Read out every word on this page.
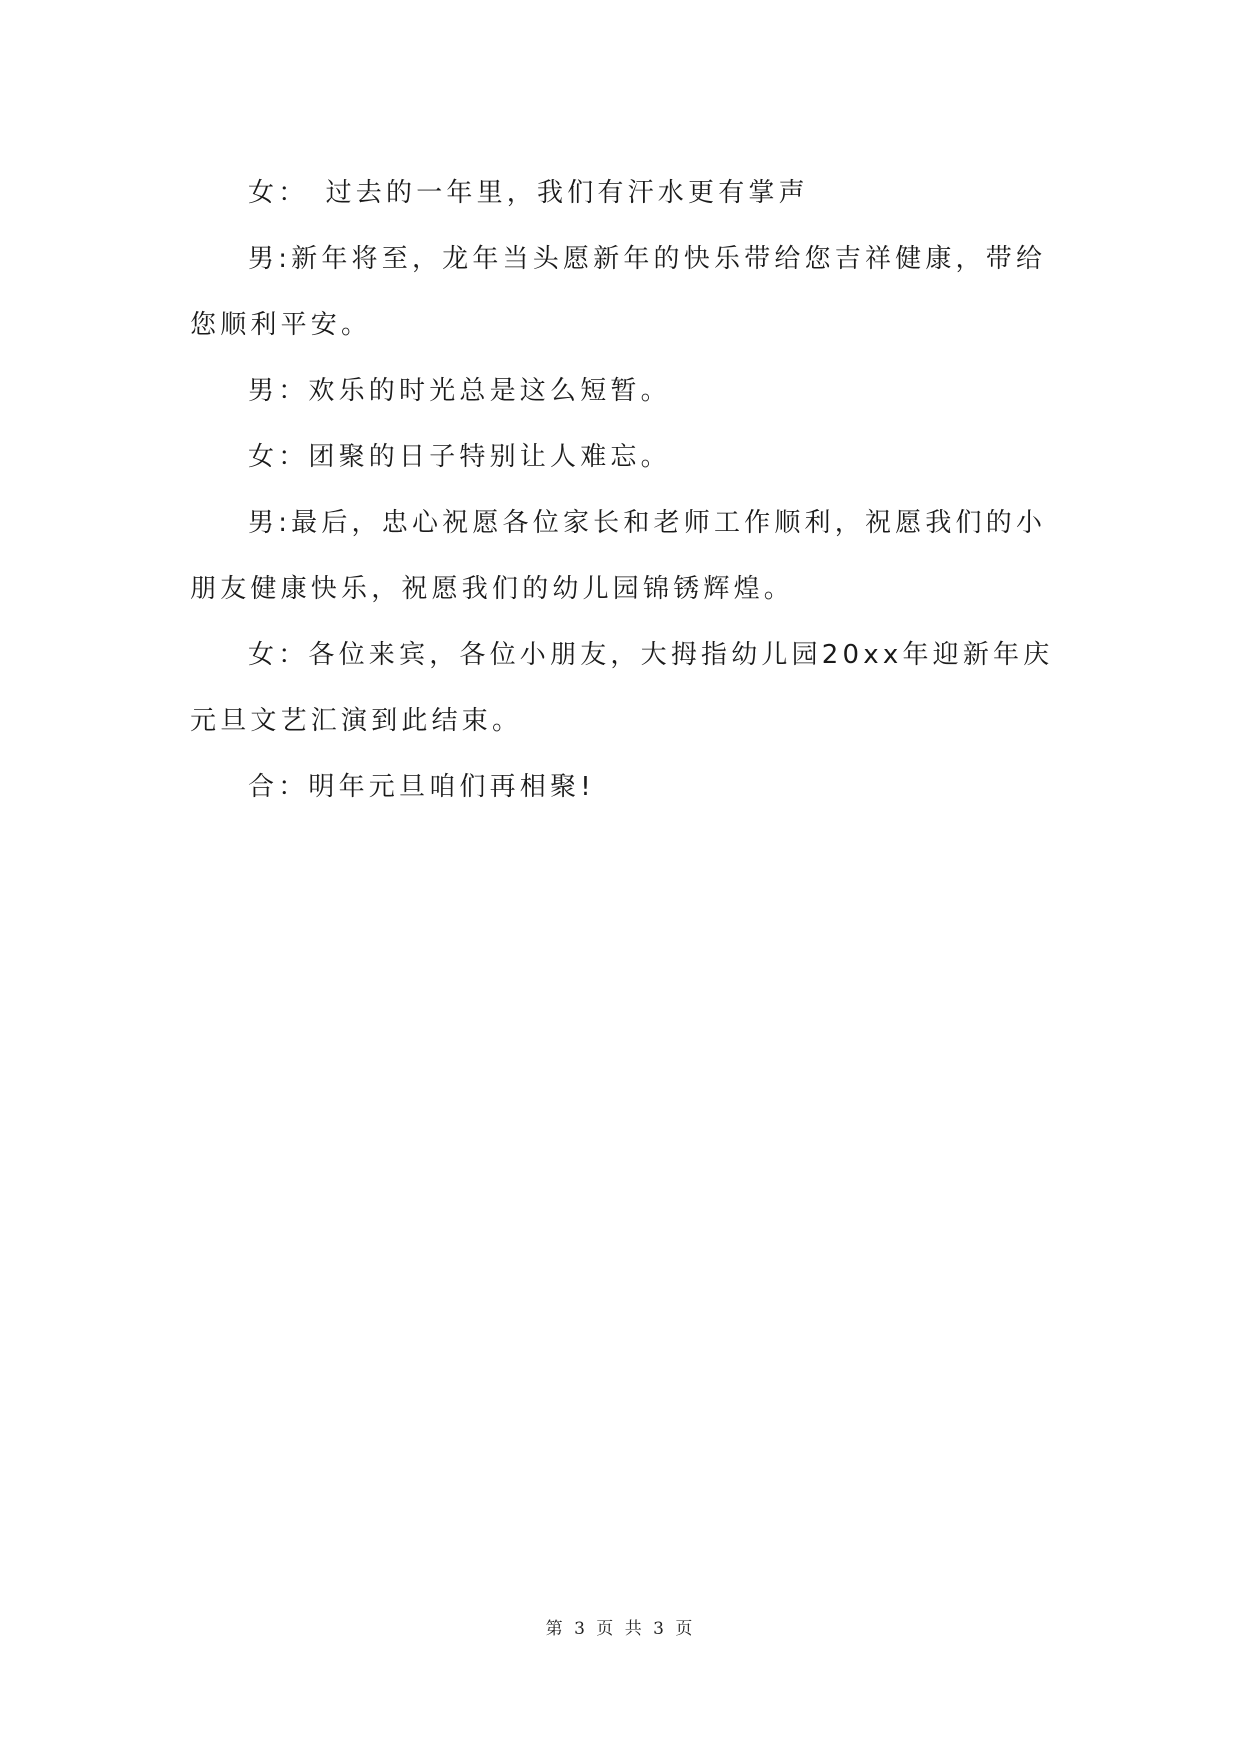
女：　过去的一年里，我们有汗水更有掌声

男:新年将至，龙年当头愿新年的快乐带给您吉祥健康，带给您顺利平安。

男：欢乐的时光总是这么短暂。

女：团聚的日子特别让人难忘。

男:最后，忠心祝愿各位家长和老师工作顺利，祝愿我们的小朋友健康快乐，祝愿我们的幼儿园锦锈辉煌。

女：各位来宾，各位小朋友，大拇指幼儿园20xx年迎新年庆元旦文艺汇演到此结束。

合：明年元旦咱们再相聚!

第 3 页 共 3 页
